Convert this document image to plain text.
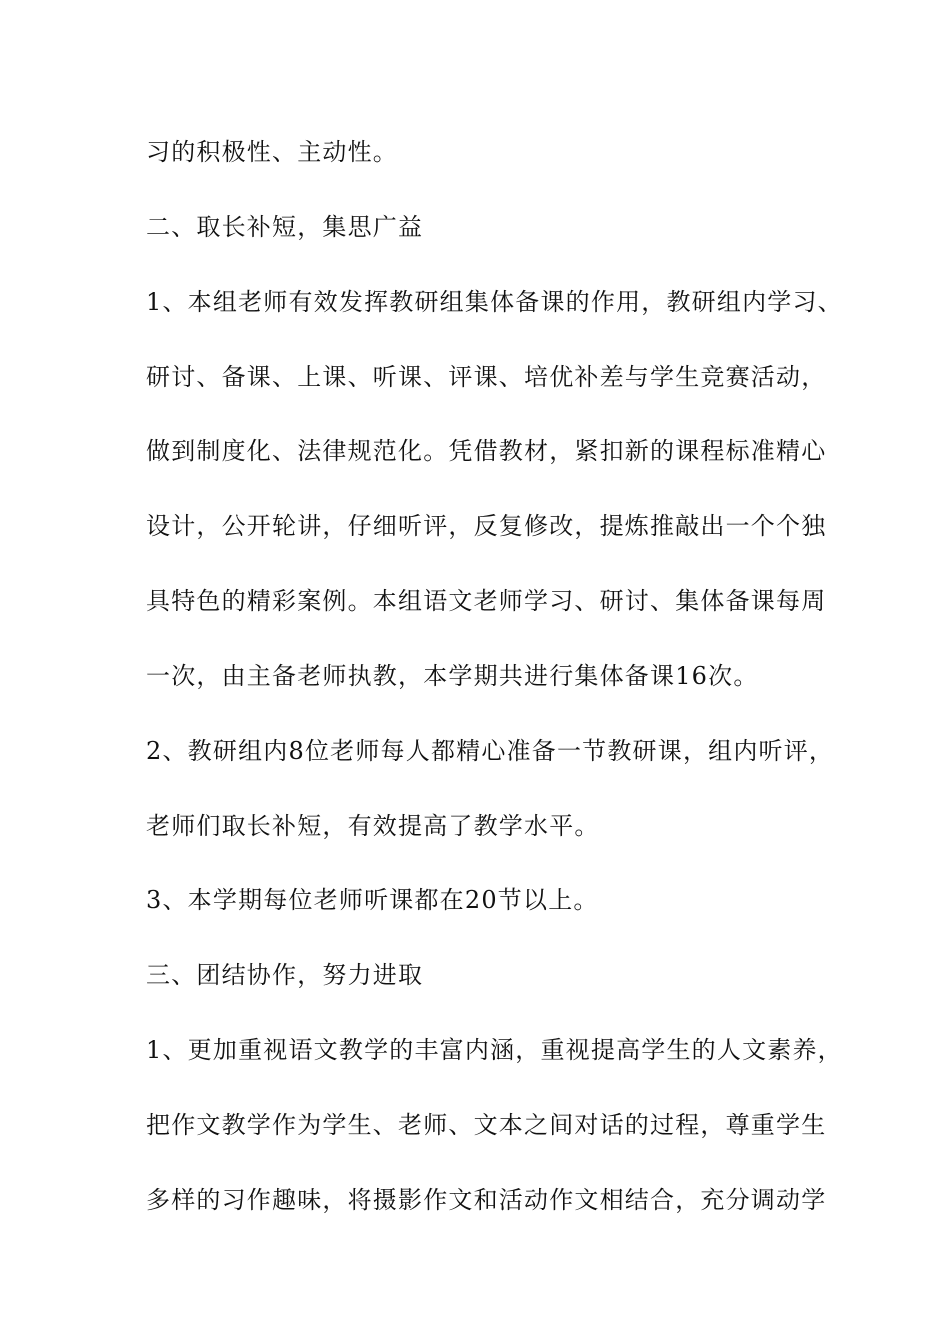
习的积极性、主动性。
二、取长补短，集思广益
1、本组老师有效发挥教研组集体备课的作用，教研组内学习、
研讨、备课、上课、听课、评课、培优补差与学生竞赛活动，
做到制度化、法律规范化。凭借教材，紧扣新的课程标准精心
设计，公开轮讲，仔细听评，反复修改，提炼推敲出一个个独
具特色的精彩案例。本组语文老师学习、研讨、集体备课每周
一次，由主备老师执教，本学期共进行集体备课16次。
2、教研组内8位老师每人都精心准备一节教研课，组内听评，
老师们取长补短，有效提高了教学水平。
3、本学期每位老师听课都在20节以上。
三、团结协作，努力进取
1、更加重视语文教学的丰富内涵，重视提高学生的人文素养，
把作文教学作为学生、老师、文本之间对话的过程，尊重学生
多样的习作趣味，将摄影作文和活动作文相结合，充分调动学
